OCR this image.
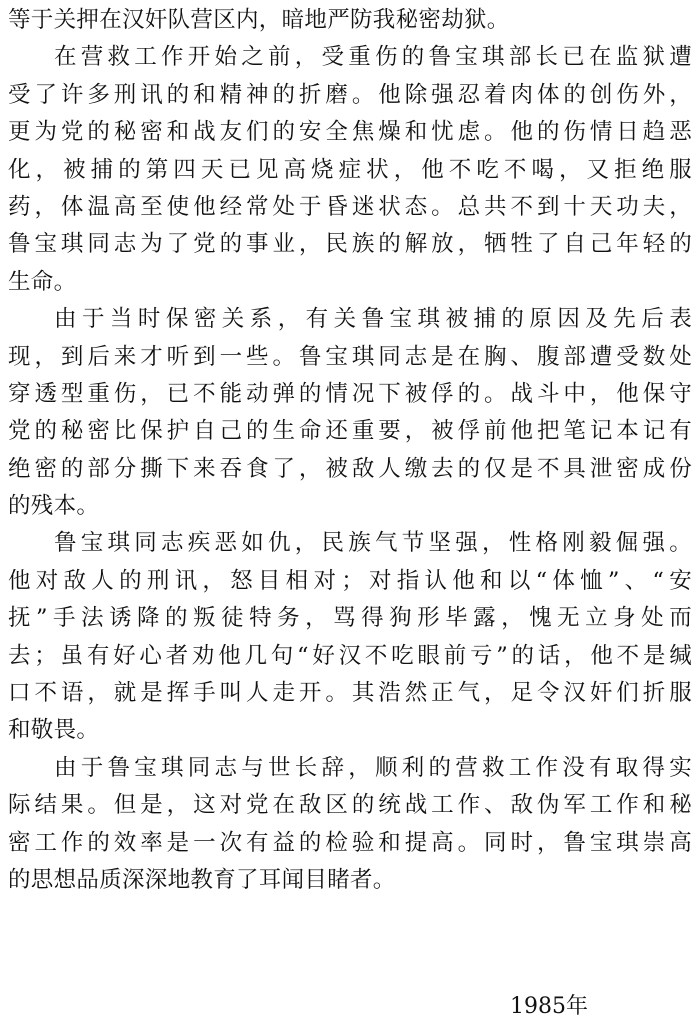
等于关押在汉奸队营区内，暗地严防我秘密劫狱。
在营救工作开始之前，受重伤的鲁宝琪部长已在监狱遭
受了许多刑讯的和精神的折磨。他除强忍着肉体的创伤外，
更为党的秘密和战友们的安全焦燥和忧虑。他的伤情日趋恶
化，被捕的第四天已见高烧症状，他不吃不喝，又拒绝服
药，体温高至使他经常处于昏迷状态。总共不到十天功夫，
鲁宝琪同志为了党的事业，民族的解放，牺牲了自己年轻的
生命。
由于当时保密关系，有关鲁宝琪被捕的原因及先后表
现，到后来才听到一些。鲁宝琪同志是在胸、腹部遭受数处
穿透型重伤，已不能动弹的情况下被俘的。战斗中，他保守
党的秘密比保护自己的生命还重要，被俘前他把笔记本记有
绝密的部分撕下来吞食了，被敌人缴去的仅是不具泄密成份
的残本。
鲁宝琪同志疾恶如仇，民族气节坚强，性格刚毅倔强。
他对敌人的刑讯，怒目相对；对指认他和以“体恤”、“安
抚”手法诱降的叛徒特务，骂得狗形毕露，愧无立身处而
去；虽有好心者劝他几句“好汉不吃眼前亏”的话，他不是缄
口不语，就是挥手叫人走开。其浩然正气，足令汉奸们折服
和敬畏。
由于鲁宝琪同志与世长辞，顺利的营救工作没有取得实
际结果。但是，这对党在敌区的统战工作、敌伪军工作和秘
密工作的效率是一次有益的检验和提高。同时，鲁宝琪崇高
的思想品质深深地教育了耳闻目睹者。
1985年
